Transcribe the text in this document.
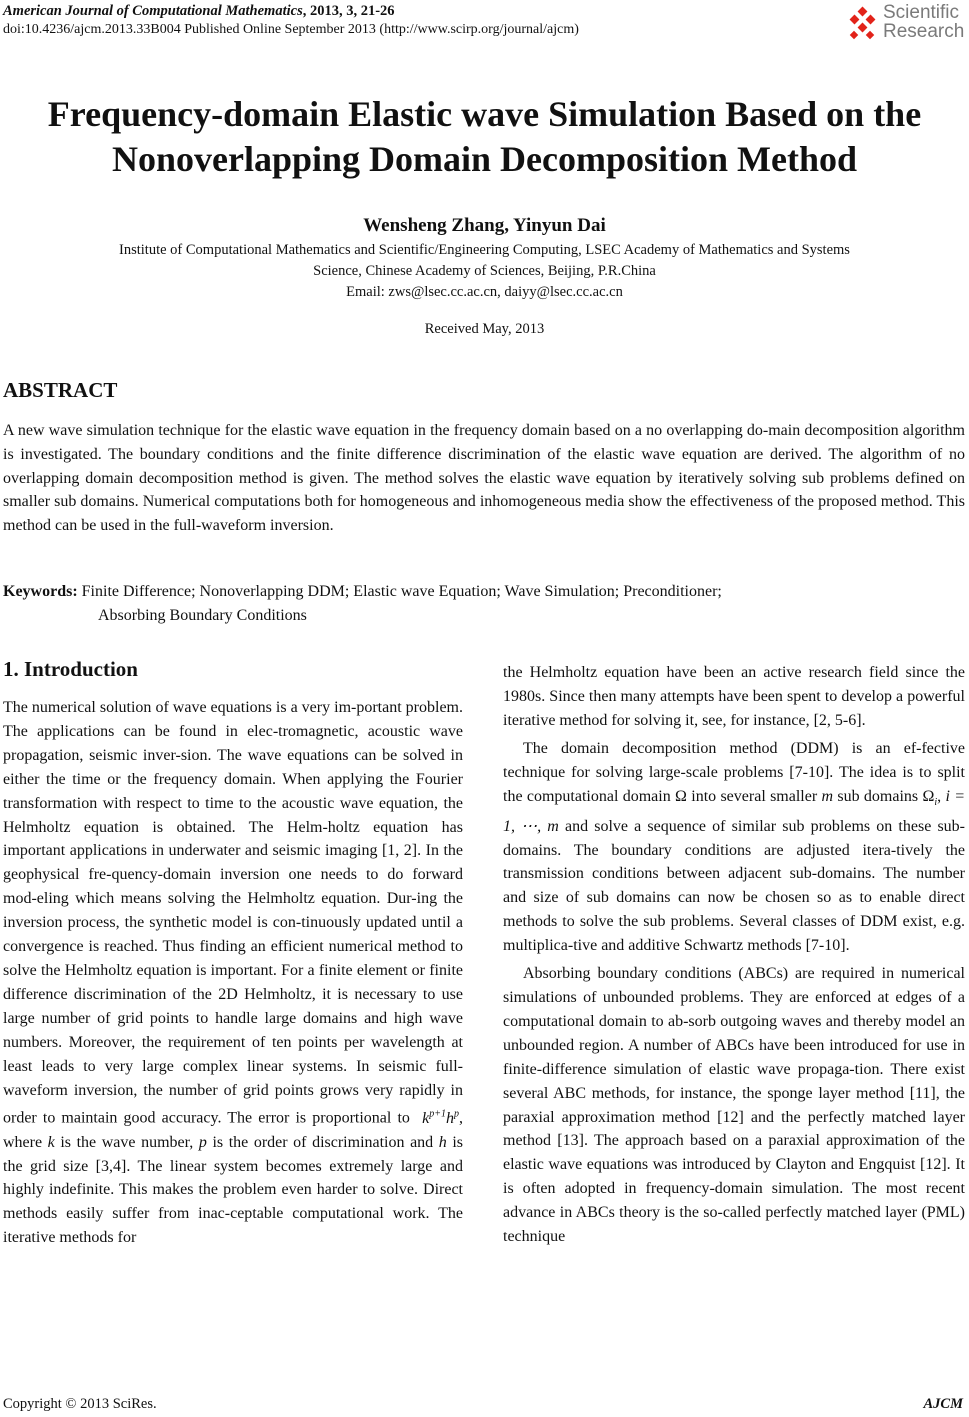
American Journal of Computational Mathematics, 2013, 3, 21-26
doi:10.4236/ajcm.2013.33B004 Published Online September 2013 (http://www.scirp.org/journal/ajcm)
Scientific
Research
Frequency-domain Elastic wave Simulation Based on the
Nonoverlapping Domain Decomposition Method
Wensheng Zhang, Yinyun Dai
Institute of Computational Mathematics and Scientific/Engineering Computing, LSEC Academy of Mathematics and Systems
Science, Chinese Academy of Sciences, Beijing, P.R.China
Email: zws@lsec.cc.ac.cn, daiyy@lsec.cc.ac.cn
Received May, 2013
ABSTRACT
A new wave simulation technique for the elastic wave equation in the frequency domain based on a no overlapping do-main decomposition algorithm is investigated. The boundary conditions and the finite difference discrimination of the elastic wave equation are derived. The algorithm of no overlapping domain decomposition method is given. The method solves the elastic wave equation by iteratively solving sub problems defined on smaller sub domains. Numerical computations both for homogeneous and inhomogeneous media show the effectiveness of the proposed method. This method can be used in the full-waveform inversion.
Keywords: Finite Difference; Nonoverlapping DDM; Elastic wave Equation; Wave Simulation; Preconditioner;
Absorbing Boundary Conditions
1. Introduction

The numerical solution of wave equations is a very im-portant problem. The applications can be found in elec-tromagnetic, acoustic wave propagation, seismic inver-sion. The wave equations can be solved in either the time or the frequency domain. When applying the Fourier transformation with respect to time to the acoustic wave equation, the Helmholtz equation is obtained. The Helm-holtz equation has important applications in underwater and seismic imaging [1, 2]. In the geophysical fre-quency-domain inversion one needs to do forward mod-eling which means solving the Helmholtz equation. Dur-ing the inversion process, the synthetic model is con-tinuously updated until a convergence is reached. Thus finding an efficient numerical method to solve the Helmholtz equation is important. For a finite element or finite difference discrimination of the 2D Helmholtz, it is necessary to use large number of grid points to handle large domains and high wave numbers. Moreover, the requirement of ten points per wavelength at least leads to very large complex linear systems. In seismic full-waveform inversion, the number of grid points grows very rapidly in order to maintain good accuracy. The error is proportional to $k^{p+1}h^p$, where k is the wave number, p is the order of discrimination and h is the grid size [3,4]. The linear system becomes extremely large and highly indefinite. This makes the problem even harder to solve. Direct methods easily suffer from inac-ceptable computational work. The iterative methods for

the Helmholtz equation have been an active research field since the 1980s. Since then many attempts have been spent to develop a powerful iterative method for solving it, see, for instance, [2, 5-6].

The domain decomposition method (DDM) is an ef-fective technique for solving large-scale problems [7-10]. The idea is to split the computational domain Ω into several smaller m sub domains $\Omega_i$, i = 1, ⋯, m and solve a sequence of similar sub problems on these sub-domains. The boundary conditions are adjusted itera-tively the transmission conditions between adjacent sub-domains. The number and size of sub domains can now be chosen so as to enable direct methods to solve the sub problems. Several classes of DDM exist, e.g. multiplica-tive and additive Schwartz methods [7-10].

Absorbing boundary conditions (ABCs) are required in numerical simulations of unbounded problems. They are enforced at edges of a computational domain to ab-sorb outgoing waves and thereby model an unbounded region. A number of ABCs have been introduced for use in finite-difference simulation of elastic wave propaga-tion. There exist several ABC methods, for instance, the sponge layer method [11], the paraxial approximation method [12] and the perfectly matched layer method [13]. The approach based on a paraxial approximation of the elastic wave equations was introduced by Clayton and Engquist [12]. It is often adopted in frequency-domain simulation. The most recent advance in ABCs theory is the so-called perfectly matched layer (PML) technique

Copyright © 2013 SciRes.	AJCM
